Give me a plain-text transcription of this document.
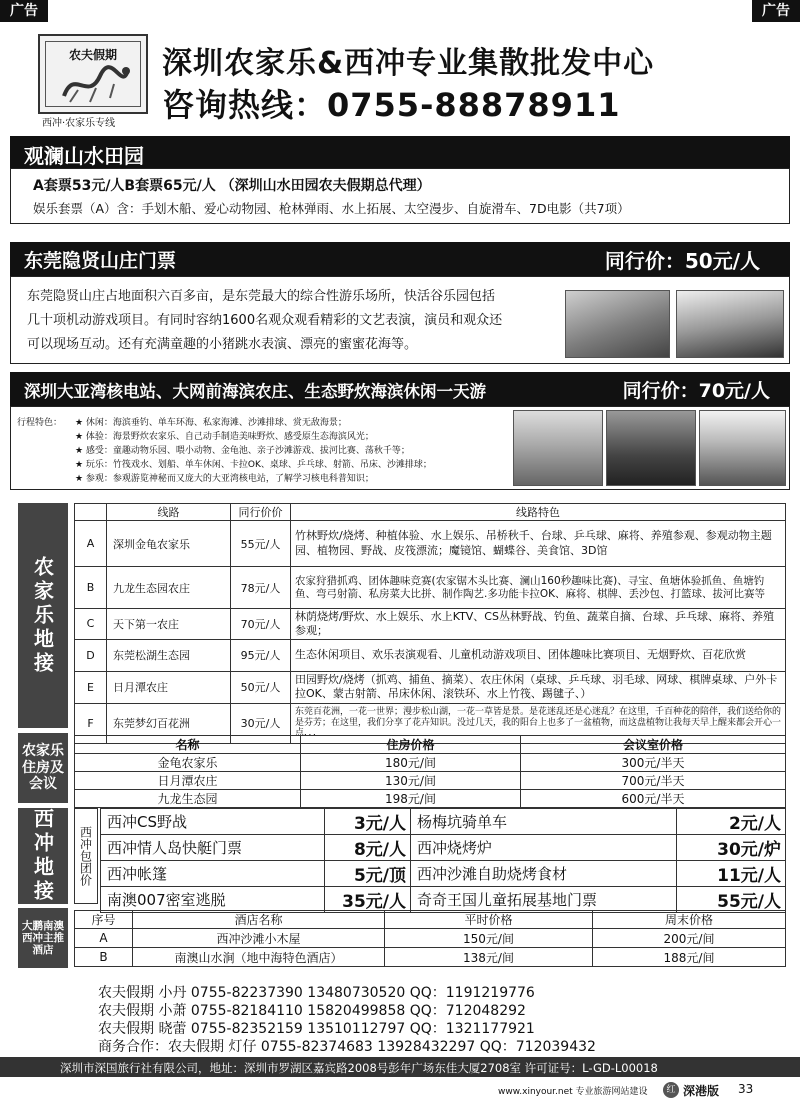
广告	广告
农夫假期
西冲·农家乐专线
深圳农家乐&西冲专业集散批发中心
咨询热线：0755-88878911
观澜山水田园
A套票53元/人B套票65元/人 （深圳山水田园农夫假期总代理）
娱乐套票（A）含：手划木船、爱心动物园、枪林弹雨、水上拓展、太空漫步、自旋滑车、7D电影（共7项）
东莞隐贤山庄门票	同行价：50元/人
东莞隐贤山庄占地面积六百多亩，是东莞最大的综合性游乐场所，快活谷乐园包括
几十项机动游戏项目。有同时容纳1600名观众观看精彩的文艺表演，演员和观众还
可以现场互动。还有充满童趣的小猪跳水表演、漂亮的蜜蜜花海等。
深圳大亚湾核电站、大网前海滨农庄、生态野炊海滨休闲一天游	同行价：70元/人
行程特色： ★ 休闲：海滨垂钓、单车环海、私家海滩、沙滩排球、赏无敌海景；
★ 体验：海景野炊农家乐、自己动手制造美味野炊、感受原生态海滨风光；
★ 感受：童趣动物乐园、喂小动物、金龟池、亲子沙滩游戏、拔河比赛、荡秋千等；
★ 玩乐：竹筏戏水、划船、单车休闲、卡拉OK、桌球、乒乓球、射箭、吊床、沙滩排球；
★ 参观：参观游览神秘而又庞大的大亚湾核电站，了解学习核电科普知识；
农家乐地接
	线路	同行价价	线路特色
A	深圳金龟农家乐	55元/人	竹林野炊/烧烤、种植体验、水上娱乐、吊桥秋千、台球、乒乓球、麻将、养殖参观、参观动物主题园、植物园、野战、皮筏漂流；魔镜馆、蝴蝶谷、美食馆、3D馆
B	九龙生态园农庄	78元/人	农家狩猎抓鸡、团体趣味竞赛(农家锯木头比赛、澜山160秒趣味比赛)、寻宝、鱼塘体验抓鱼、鱼塘钓鱼、弯弓射箭、私房菜大比拼、制作陶艺.多功能卡拉OK、麻将、棋牌、丢沙包、打篮球、拔河比赛等
C	天下第一农庄	70元/人	林荫烧烤/野炊、水上娱乐、水上KTV、CS丛林野战、钓鱼、蔬菜自摘、台球、乒乓球、麻将、养殖参观；
D	东莞松湖生态园	95元/人	生态休闲项目、欢乐表演观看、儿童机动游戏项目、团体趣味比赛项目、无烟野炊、百花欣赏
E	日月潭农庄	50元/人	田园野炊/烧烤（抓鸡、捕鱼、摘菜）、农庄休闲（桌球、乒乓球、羽毛球、网球、棋牌桌球、户外卡拉OK、蒙古射箭、吊床休闲、滚铁环、水上竹筏、踢毽子、）
F	东莞梦幻百花洲	30元/人	东莞百花洲，一花一世界；漫步松山湖，一花一草皆是景。是花迷乱还是心迷乱？在这里，千百种花的陪伴，我们送给你的是芬芳；在这里，我们分享了花卉知识。没过几天，我的阳台上也多了一盆植物，而这盘植物让我每天早上醒来都会开心一点．．．
农家乐住房及会议
名称	住房价格	会议室价格
金龟农家乐	180元/间	300元/半天
日月潭农庄	130元/间	700元/半天
九龙生态园	198元/间	600元/半天
西冲地接	西冲包团价
西冲CS野战	3元/人	杨梅坑骑单车	2元/人
西冲情人岛快艇门票	8元/人	西冲烧烤炉	30元/炉
西冲帐篷	5元/顶	西冲沙滩自助烧烤食材	11元/人
南澳007密室逃脱	35元/人	奇奇王国儿童拓展基地门票	55元/人
大鹏南澳西冲主推酒店
序号	酒店名称	平时价格	周末价格
A	西冲沙滩小木屋	150元/间	200元/间
B	南澳山水涧（地中海特色酒店）	138元/间	188元/间
农夫假期 小丹 0755-82237390 13480730520 QQ：1191219776
农夫假期 小萧 0755-82184110 15820499858 QQ：712048292
农夫假期 晓蕾 0755-82352159 13510112797 QQ：1321177921
商务合作：农夫假期 灯仔 0755-82374683 13928432297 QQ：712039432
深圳市深国旅行社有限公司，地址：深圳市罗湖区嘉宾路2008号彭年广场东佳大厦2708室 许可证号：L-GD-L00018
www.xinyour.net 专业旅游网站建设	红 深港版 33
